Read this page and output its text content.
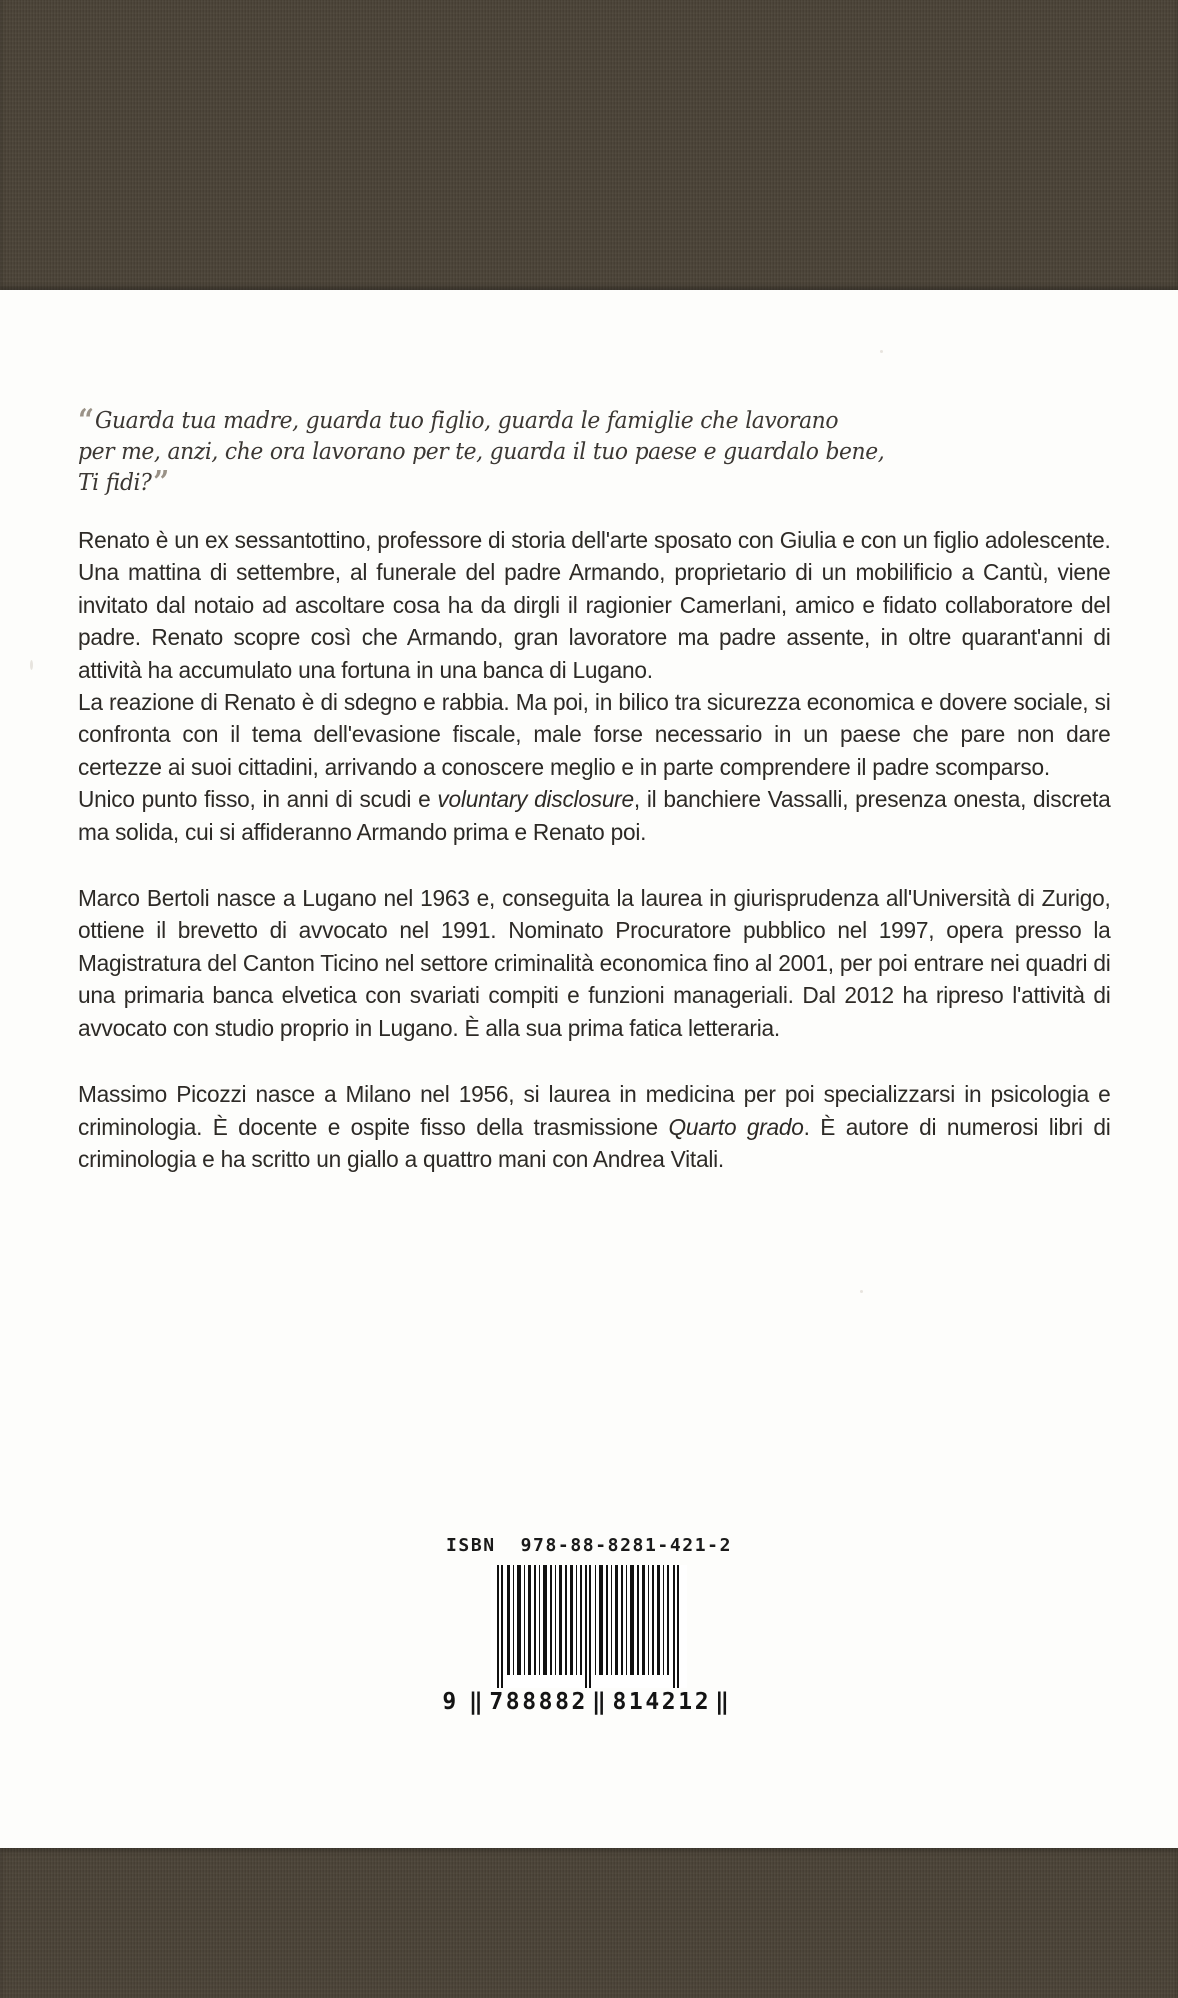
“ Guarda tua madre, guarda tuo figlio, guarda le famiglie che lavorano
per me, anzi, che ora lavorano per te, guarda il tuo paese e guardalo bene,
Ti fidi?”

Renato è un ex sessantottino, professore di storia dell'arte sposato con Giulia e con un figlio adolescente. Una mattina di settembre, al funerale del padre Armando, proprietario di un mobilificio a Cantù, viene invitato dal notaio ad ascoltare cosa ha da dirgli il ragionier Camerlani, amico e fidato collaboratore del padre. Renato scopre così che Armando, gran lavoratore ma padre assente, in oltre quarant'anni di attività ha accumulato una fortuna in una banca di Lugano.

La reazione di Renato è di sdegno e rabbia. Ma poi, in bilico tra sicurezza economica e dovere sociale, si confronta con il tema dell'evasione fiscale, male forse necessario in un paese che pare non dare certezze ai suoi cittadini, arrivando a conoscere meglio e in parte comprendere il padre scomparso.

Unico punto fisso, in anni di scudi e voluntary disclosure, il banchiere Vassalli, presenza onesta, discreta ma solida, cui si affideranno Armando prima e Renato poi.

Marco Bertoli nasce a Lugano nel 1963 e, conseguita la laurea in giurisprudenza all'Università di Zurigo, ottiene il brevetto di avvocato nel 1991. Nominato Procuratore pubblico nel 1997, opera presso la Magistratura del Canton Ticino nel settore criminalità economica fino al 2001, per poi entrare nei quadri di una primaria banca elvetica con svariati compiti e funzioni manageriali. Dal 2012 ha ripreso l'attività di avvocato con studio proprio in Lugano. È alla sua prima fatica letteraria.

Massimo Picozzi nasce a Milano nel 1956, si laurea in medicina per poi specializzarsi in psicologia e criminologia. È docente e ospite fisso della trasmissione Quarto grado. È autore di numerosi libri di criminologia e ha scritto un giallo a quattro mani con Andrea Vitali.

ISBN 978-88-8281-421-2
9 ‖ 788882 ‖ 814212 ‖
